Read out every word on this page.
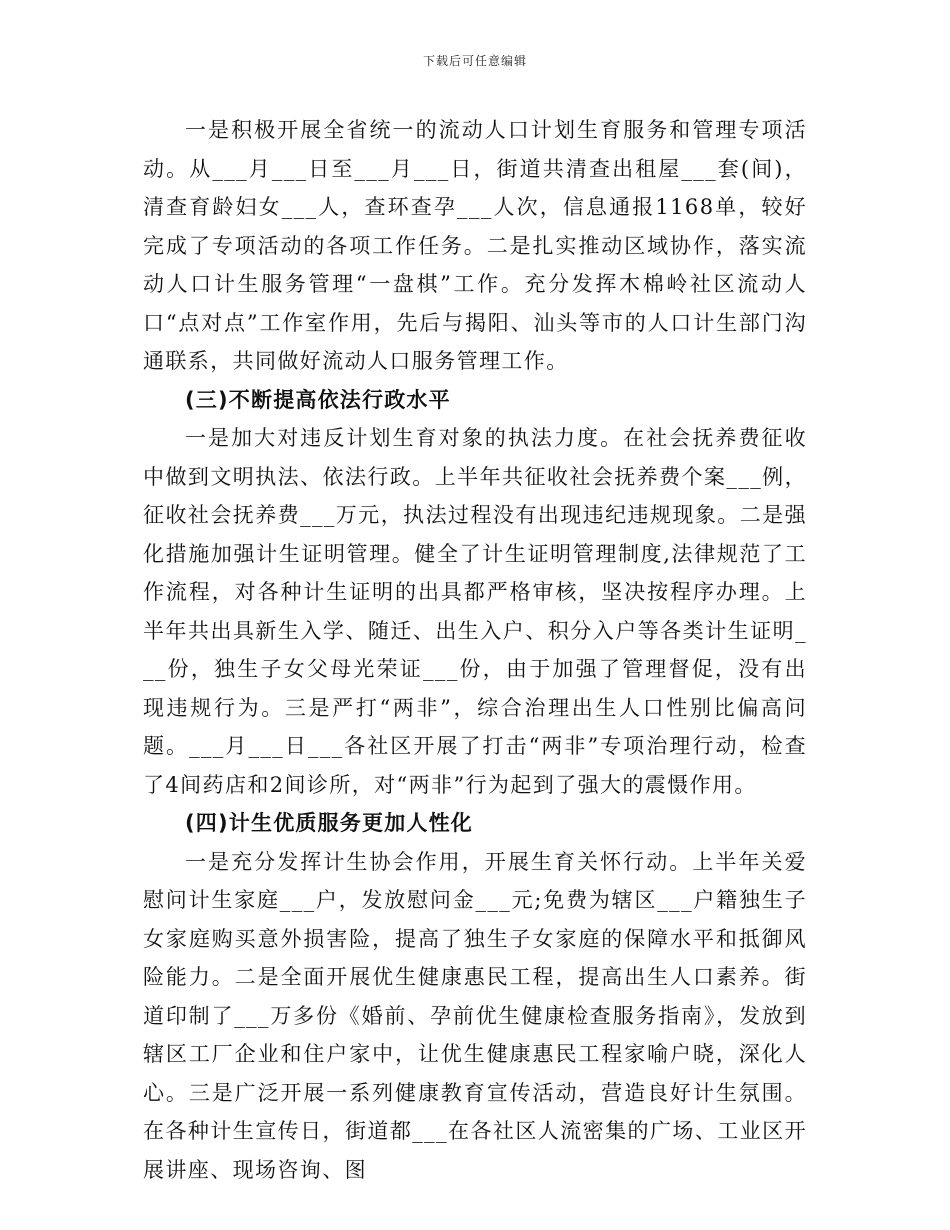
下载后可任意编辑

一是积极开展全省统一的流动人口计划生育服务和管理专项活动。从___月___日至___月___日，街道共清查出租屋___套(间)，清查育龄妇女___人，查环查孕___人次，信息通报1168单，较好完成了专项活动的各项工作任务。二是扎实推动区域协作，落实流动人口计生服务管理“一盘棋”工作。充分发挥木棉岭社区流动人口“点对点”工作室作用，先后与揭阳、汕头等市的人口计生部门沟通联系，共同做好流动人口服务管理工作。

(三)不断提高依法行政水平

一是加大对违反计划生育对象的执法力度。在社会抚养费征收中做到文明执法、依法行政。上半年共征收社会抚养费个案___例，征收社会抚养费___万元，执法过程没有出现违纪违规现象。二是强化措施加强计生证明管理。健全了计生证明管理制度,法律规范了工作流程，对各种计生证明的出具都严格审核，坚决按程序办理。上半年共出具新生入学、随迁、出生入户、积分入户等各类计生证明___份，独生子女父母光荣证___份，由于加强了管理督促，没有出现违规行为。三是严打“两非”，综合治理出生人口性别比偏高问题。___月___日___各社区开展了打击“两非”专项治理行动，检查了4间药店和2间诊所，对“两非”行为起到了强大的震慑作用。

(四)计生优质服务更加人性化

一是充分发挥计生协会作用，开展生育关怀行动。上半年关爱慰问计生家庭___户，发放慰问金___元;免费为辖区___户籍独生子女家庭购买意外损害险，提高了独生子女家庭的保障水平和抵御风险能力。二是全面开展优生健康惠民工程，提高出生人口素养。街道印制了___万多份《婚前、孕前优生健康检查服务指南》，发放到辖区工厂企业和住户家中，让优生健康惠民工程家喻户晓，深化人心。三是广泛开展一系列健康教育宣传活动，营造良好计生氛围。在各种计生宣传日，街道都___在各社区人流密集的广场、工业区开展讲座、现场咨询、图
